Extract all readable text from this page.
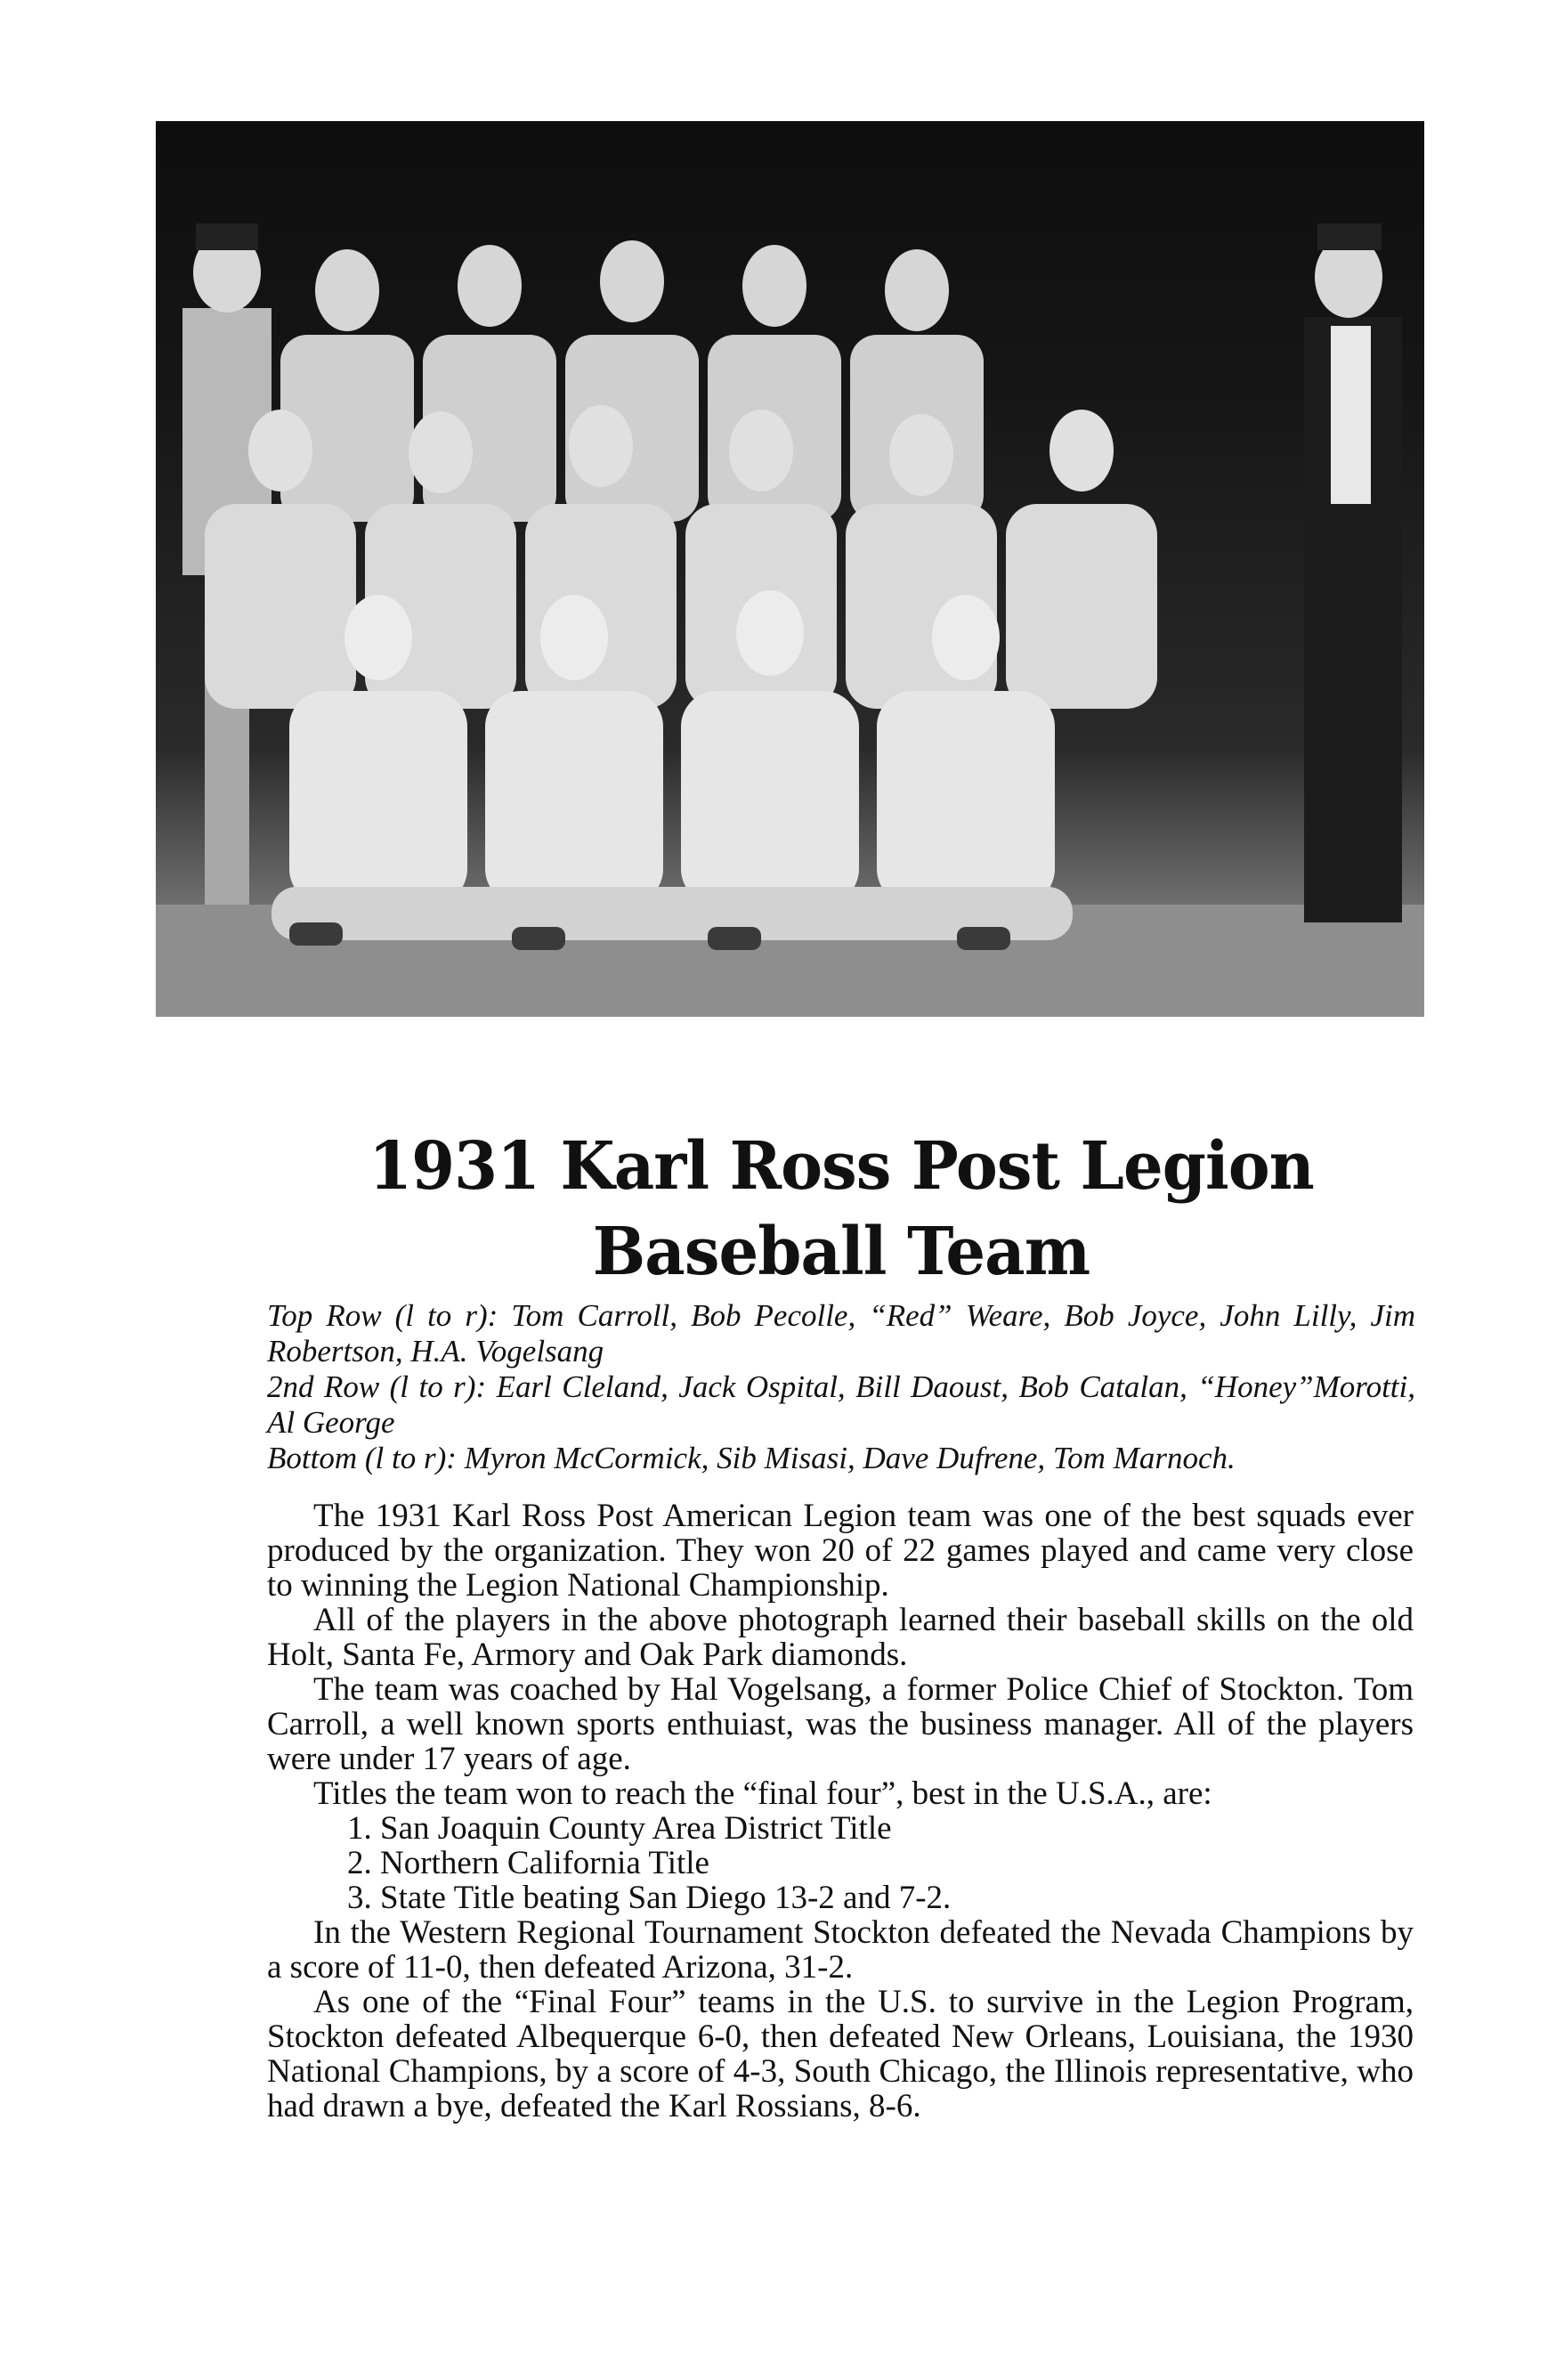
1931 Karl Ross Post Legion
Baseball Team
Top Row (l to r): Tom Carroll, Bob Pecolle, “Red” Weare, Bob Joyce, John Lilly, Jim Robertson, H.A. Vogelsang
2nd Row (l to r): Earl Cleland, Jack Ospital, Bill Daoust, Bob Catalan, “Honey”Morotti, Al George
Bottom (l to r): Myron McCormick, Sib Misasi, Dave Dufrene, Tom Marnoch.

The 1931 Karl Ross Post American Legion team was one of the best squads ever produced by the organization. They won 20 of 22 games played and came very close to winning the Legion National Championship.

All of the players in the above photograph learned their baseball skills on the old Holt, Santa Fe, Armory and Oak Park diamonds.

The team was coached by Hal Vogelsang, a former Police Chief of Stockton. Tom Carroll, a well known sports enthuiast, was the business manager. All of the players were under 17 years of age.

Titles the team won to reach the “final four”, best in the U.S.A., are:

1. San Joaquin County Area District Title
2. Northern California Title
3. State Title beating San Diego 13-2 and 7-2.

In the Western Regional Tournament Stockton defeated the Nevada Champions by a score of 11-0, then defeated Arizona, 31-2.

As one of the “Final Four” teams in the U.S. to survive in the Legion Program, Stockton defeated Albequerque 6-0, then defeated New Orleans, Louisiana, the 1930 National Champions, by a score of 4-3, South Chicago, the Illinois representative, who had drawn a bye, defeated the Karl Rossians, 8-6.
